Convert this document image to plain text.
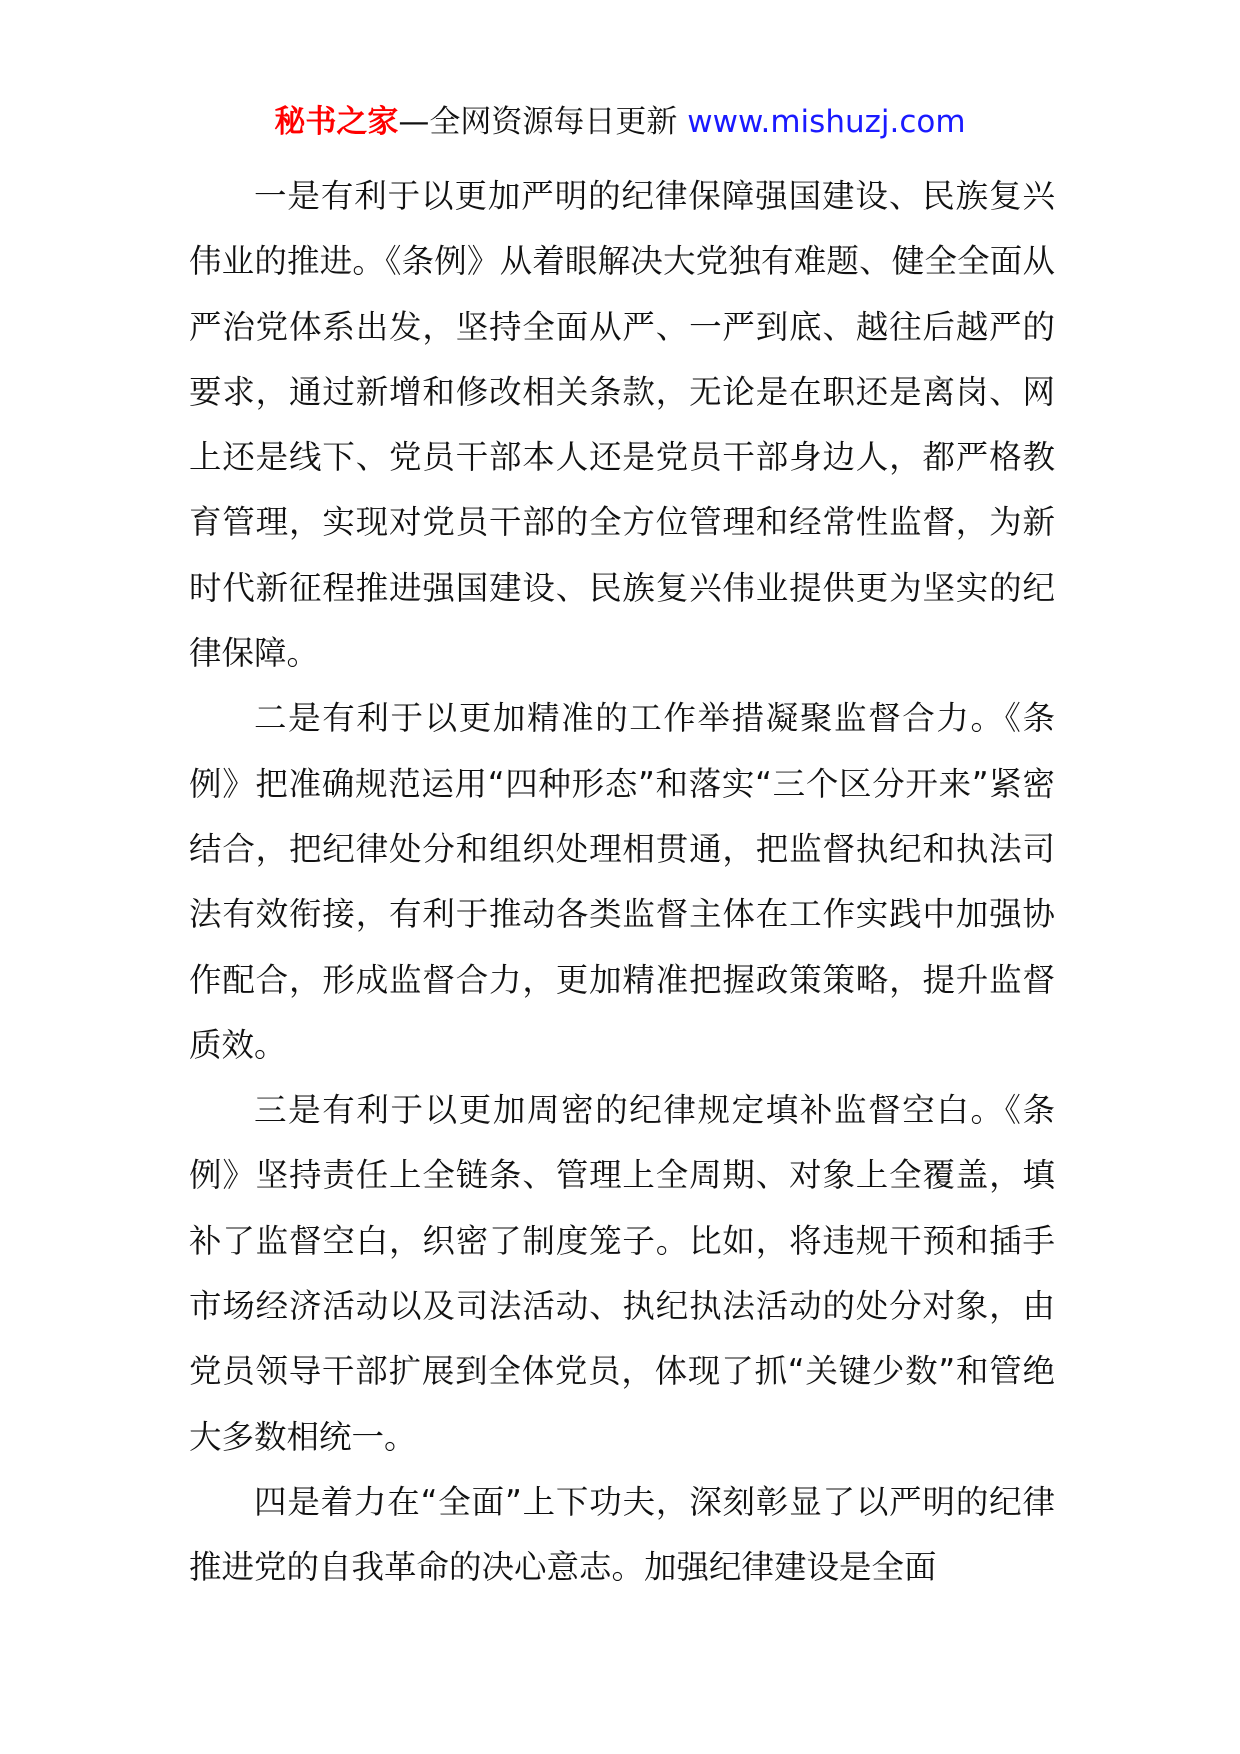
秘书之家—全网资源每日更新 www.mishuzj.com

一是有利于以更加严明的纪律保障强国建设、民族复兴伟业的推进。《条例》从着眼解决大党独有难题、健全全面从严治党体系出发，坚持全面从严、一严到底、越往后越严的要求，通过新增和修改相关条款，无论是在职还是离岗、网上还是线下、党员干部本人还是党员干部身边人，都严格教育管理，实现对党员干部的全方位管理和经常性监督，为新时代新征程推进强国建设、民族复兴伟业提供更为坚实的纪律保障。

二是有利于以更加精准的工作举措凝聚监督合力。《条例》把准确规范运用“四种形态”和落实“三个区分开来”紧密结合，把纪律处分和组织处理相贯通，把监督执纪和执法司法有效衔接，有利于推动各类监督主体在工作实践中加强协作配合，形成监督合力，更加精准把握政策策略，提升监督质效。

三是有利于以更加周密的纪律规定填补监督空白。《条例》坚持责任上全链条、管理上全周期、对象上全覆盖，填补了监督空白，织密了制度笼子。比如，将违规干预和插手市场经济活动以及司法活动、执纪执法活动的处分对象，由党员领导干部扩展到全体党员，体现了抓“关键少数”和管绝大多数相统一。

四是着力在“全面”上下功夫，深刻彰显了以严明的纪律推进党的自我革命的决心意志。加强纪律建设是全面
